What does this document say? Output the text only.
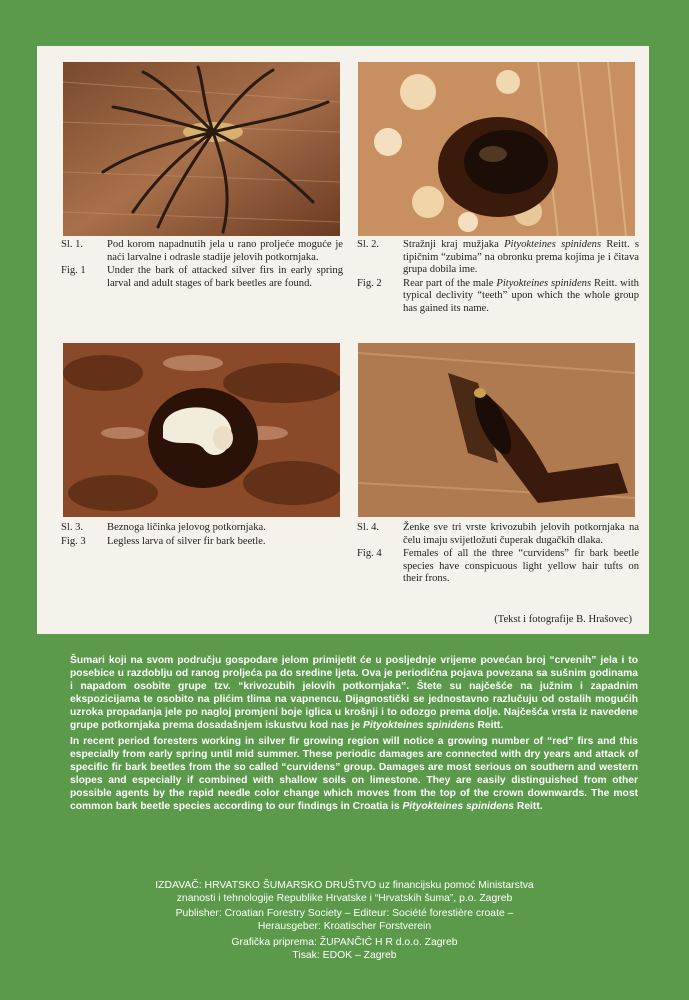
Sl. 1.	Pod korom napadnutih jela u rano proljeće moguće je naći larvalne i odrasle stadije jelovih potkornjaka.
Fig. 1	Under the bark of attacked silver firs in early spring larval and adult stages of bark beetles are found.
Sl. 2.	Stražnji kraj mužjaka Pityokteines spinidens Reitt. s tipičnim “zubima” na obronku prema kojima je i čitava grupa dobila ime.
Fig. 2	Rear part of the male Pityokteines spinidens Reitt. with typical declivity “teeth” upon which the whole group has gained its name.
Sl. 3.	Beznoga ličinka jelovog potkornjaka.
Fig. 3	Legless larva of silver fir bark beetle.
Sl. 4.	Ženke sve tri vrste krivozubih jelovih potkornjaka na čelu imaju svijetložuti čuperak dugačkih dlaka.
Fig. 4	Females of all the three “curvidens” fir bark beetle species have conspicuous light yellow hair tufts on their frons.
(Tekst i fotografije B. Hrašovec)

Šumari koji na svom području gospodare jelom primijetit će u posljednje vrijeme povećan broj “crvenih” jela i to posebice u razdoblju od ranog proljeća pa do sredine ljeta. Ova je periodična pojava povezana sa sušnim godinama i napadom osobite grupe tzv. “krivozubih jelovih potkornjaka”. Štete su najčešće na južnim i zapadnim ekspozicijama te osobito na plićim tlima na vapnencu. Dijagnostički se jednostavno razlučuju od ostalih mogućih uzroka propadanja jele po naglој promjeni boje iglica u krošnji i to odozgo prema dolje. Najčešća vrsta iz navedene grupe potkornjaka prema dosadašnjem iskustvu kod nas je Pityokteines spinidens Reitt.

In recent period foresters working in silver fir growing region will notice a growing number of “red” firs and this especially from early spring until mid summer. These periodic damages are connected with dry years and attack of specific fir bark beetles from the so called “curvidens” group. Damages are most serious on southern and western slopes and especially if combined with shallow soils on limestone. They are easily distinguished from other possible agents by the rapid needle color change which moves from the top of the crown downwards. The most common bark beetle species according to our findings in Croatia is Pityokteines spinidens Reitt.

IZDAVAČ: HRVATSKO ŠUMARSKO DRUŠTVO uz financijsku pomoć Ministarstva
znanosti i tehnologije Republike Hrvatske i “Hrvatskih šuma”, p.o. Zagreb
Publisher: Croatian Forestry Society – Editeur: Société forestière croate –
Herausgeber: Kroatischer Forstverein
Grafička priprema: ŽUPANČIĆ H R d.o.o. Zagreb
Tisak: EDOK – Zagreb
